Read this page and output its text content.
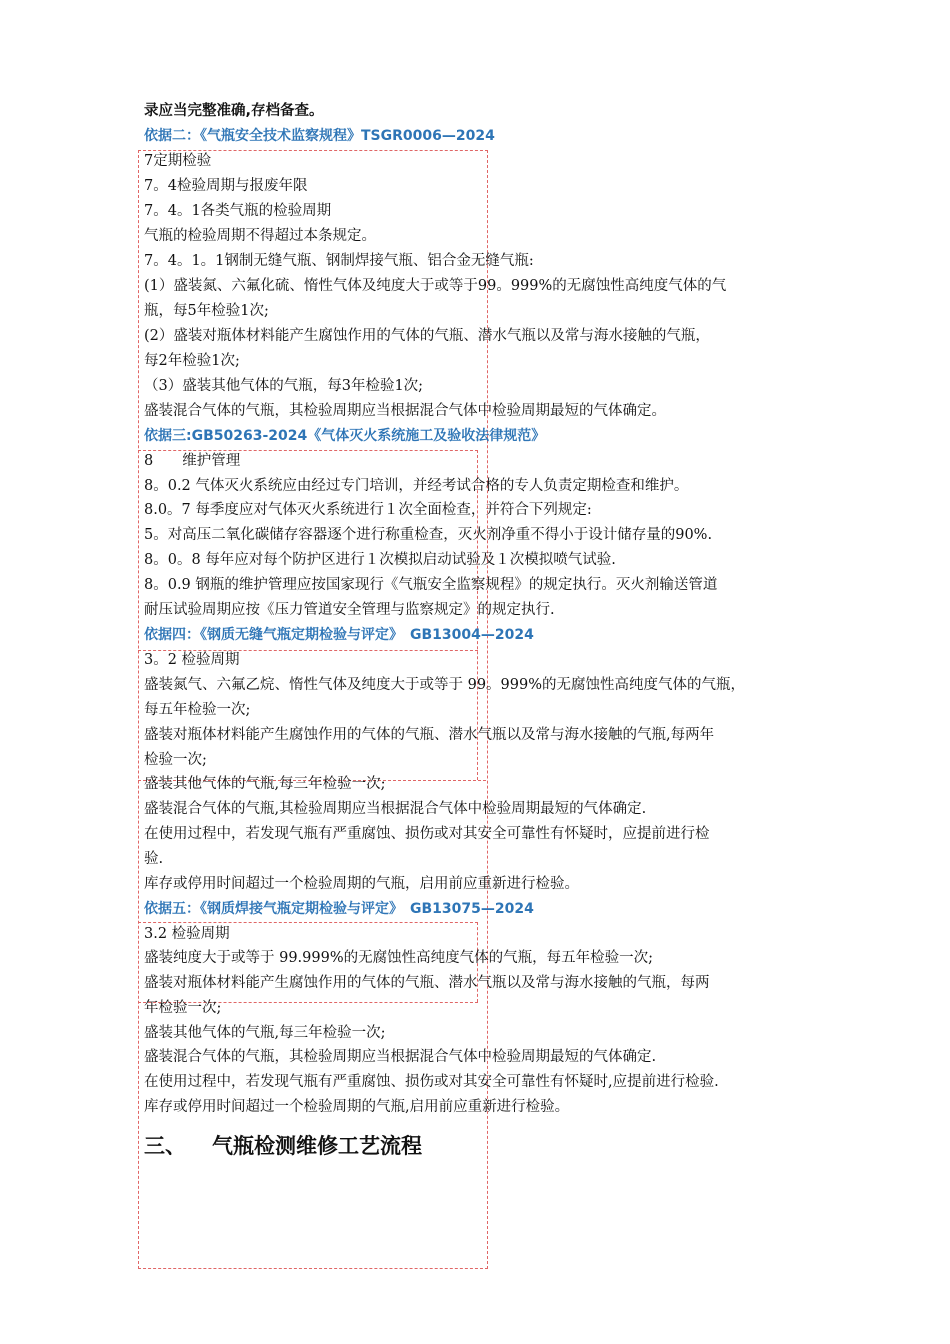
录应当完整准确,存档备查。
依据二：《气瓶安全技术监察规程》TSGR0006—2024
7定期检验
7。4检验周期与报废年限
7。4。1各类气瓶的检验周期
气瓶的检验周期不得超过本条规定。
7。4。1。1钢制无缝气瓶、钢制焊接气瓶、铝合金无缝气瓶:
(1）盛装氮、六氟化硫、惰性气体及纯度大于或等于99。999%的无腐蚀性高纯度气体的气
瓶，每5年检验1次;
(2）盛装对瓶体材料能产生腐蚀作用的气体的气瓶、潜水气瓶以及常与海水接触的气瓶，
每2年检验1次;
（3）盛装其他气体的气瓶，每3年检验1次;
盛装混合气体的气瓶，其检验周期应当根据混合气体中检验周期最短的气体确定。
依据三:GB50263-2024《气体灭火系统施工及验收法律规范》
8　　维护管理
8。0.2 气体灭火系统应由经过专门培训，并经考试合格的专人负责定期检查和维护。
8.0。7 每季度应对气体灭火系统进行１次全面检查，并符合下列规定:
5。对高压二氧化碳储存容器逐个进行称重检查，灭火剂净重不得小于设计储存量的90%.
8。0。8 每年应对每个防护区进行１次模拟启动试验及１次模拟喷气试验.
8。0.9 钢瓶的维护管理应按国家现行《气瓶安全监察规程》的规定执行。灭火剂输送管道
耐压试验周期应按《压力管道安全管理与监察规定》的规定执行.
依据四：《钢质无缝气瓶定期检验与评定》　GB13004—2024
3。2 检验周期
盛装氮气、六氟乙烷、惰性气体及纯度大于或等于 99。999%的无腐蚀性高纯度气体的气瓶，
每五年检验一次;
盛装对瓶体材料能产生腐蚀作用的气体的气瓶、潜水气瓶以及常与海水接触的气瓶,每两年
检验一次;
盛装其他气体的气瓶,每三年检验一次;
盛装混合气体的气瓶,其检验周期应当根据混合气体中检验周期最短的气体确定.
在使用过程中，若发现气瓶有严重腐蚀、损伤或对其安全可靠性有怀疑时，应提前进行检
验.
库存或停用时间超过一个检验周期的气瓶，启用前应重新进行检验。
依据五：《钢质焊接气瓶定期检验与评定》　GB13075—2024
3.2 检验周期
盛装纯度大于或等于 99.999%的无腐蚀性高纯度气体的气瓶，每五年检验一次;
盛装对瓶体材料能产生腐蚀作用的气体的气瓶、潜水气瓶以及常与海水接触的气瓶，每两
年检验一次;
盛装其他气体的气瓶,每三年检验一次;
盛装混合气体的气瓶，其检验周期应当根据混合气体中检验周期最短的气体确定.
在使用过程中，若发现气瓶有严重腐蚀、损伤或对其安全可靠性有怀疑时,应提前进行检验.
库存或停用时间超过一个检验周期的气瓶,启用前应重新进行检验。
三、 气瓶检测维修工艺流程
